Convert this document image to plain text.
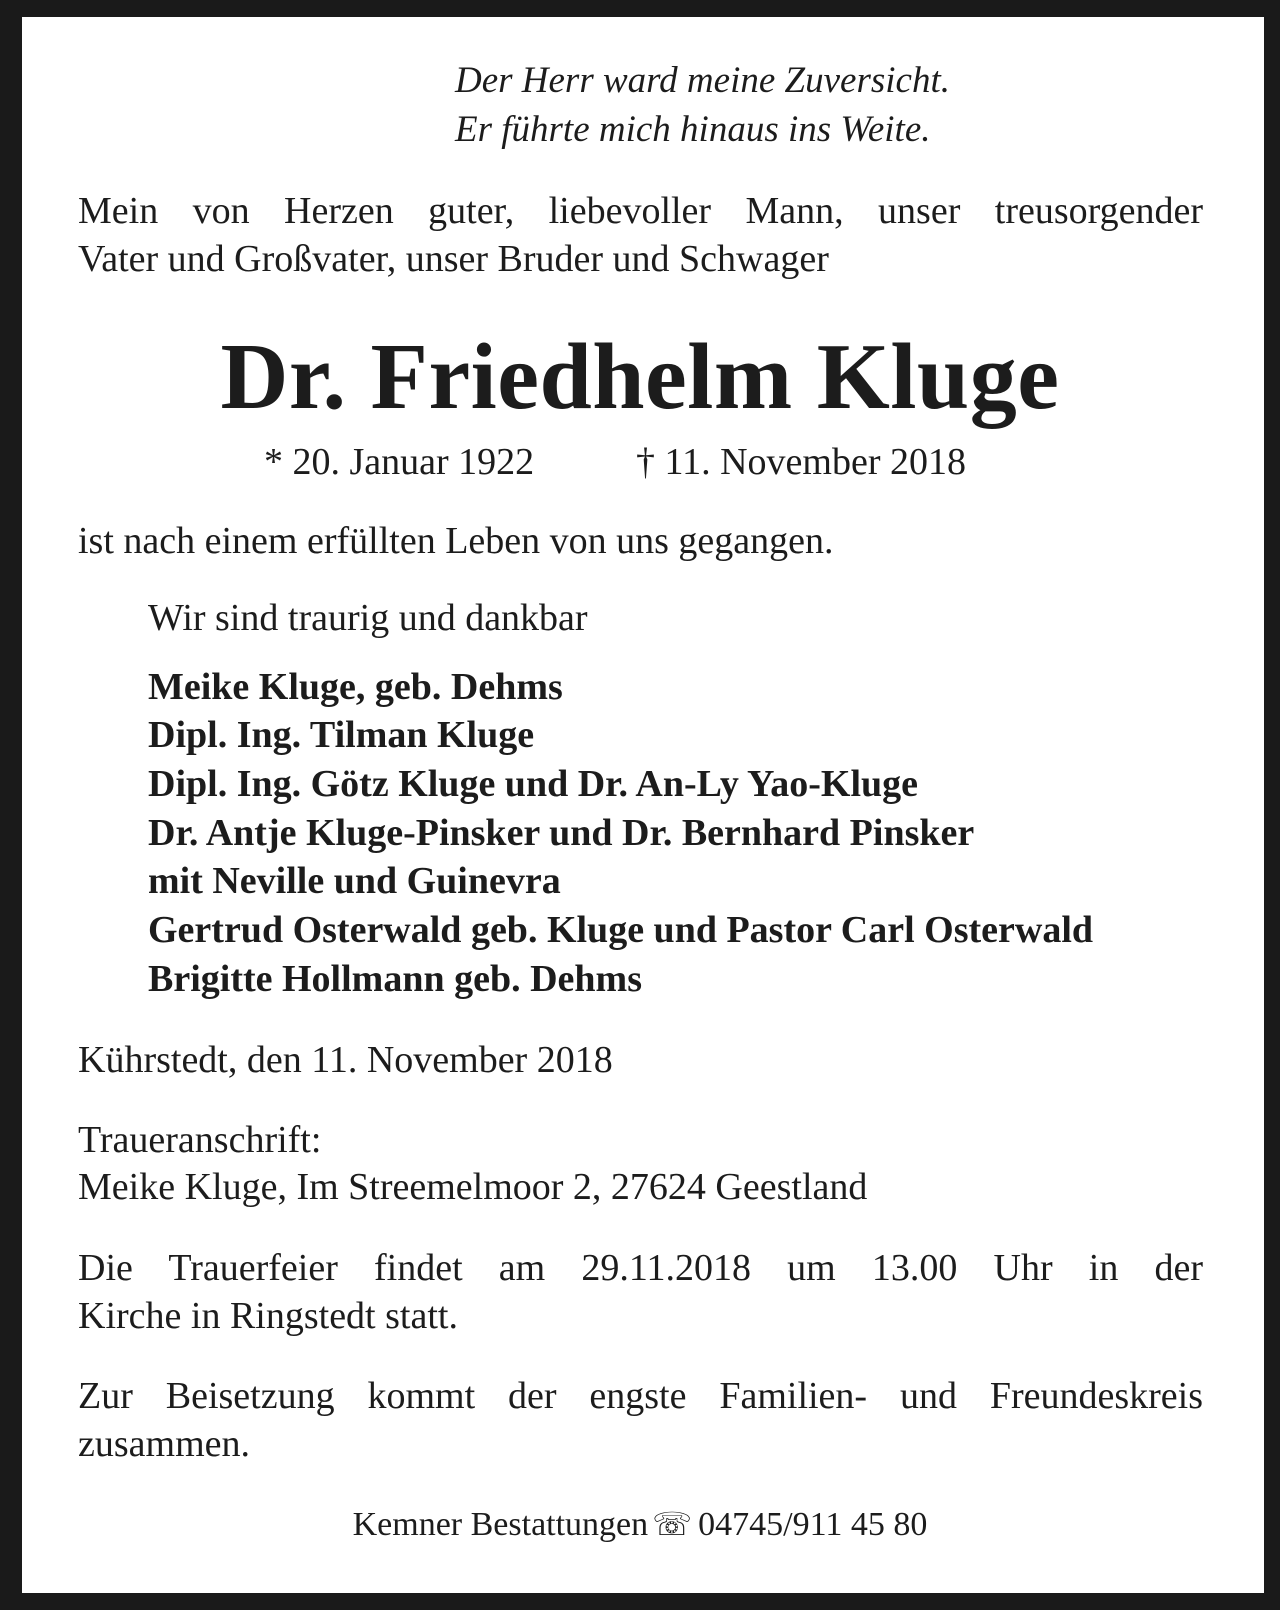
Der Herr ward meine Zuversicht.

Er führte mich hinaus ins Weite.

Mein von Herzen guter, liebevoller Mann, unser treusorgender

Vater und Großvater, unser Bruder und Schwager

Dr. Friedhelm Kluge
* 20. Januar 1922	† 11. November 2018

ist nach einem erfüllten Leben von uns gegangen.

Wir sind traurig und dankbar

Meike Kluge, geb. Dehms

Dipl. Ing. Tilman Kluge

Dipl. Ing. Götz Kluge und Dr. An-Ly Yao-Kluge

Dr. Antje Kluge-Pinsker und Dr. Bernhard Pinsker

mit Neville und Guinevra

Gertrud Osterwald geb. Kluge und Pastor Carl Osterwald

Brigitte Hollmann geb. Dehms

Kührstedt, den 11. November 2018

Traueranschrift:

Meike Kluge, Im Streemelmoor 2, 27624 Geestland

Die Trauerfeier findet am 29.11.2018 um 13.00 Uhr in der

Kirche in Ringstedt statt.

Zur Beisetzung kommt der engste Familien- und Freundeskreis

zusammen.

Kemner Bestattungen ☏ 04745/911 45 80
